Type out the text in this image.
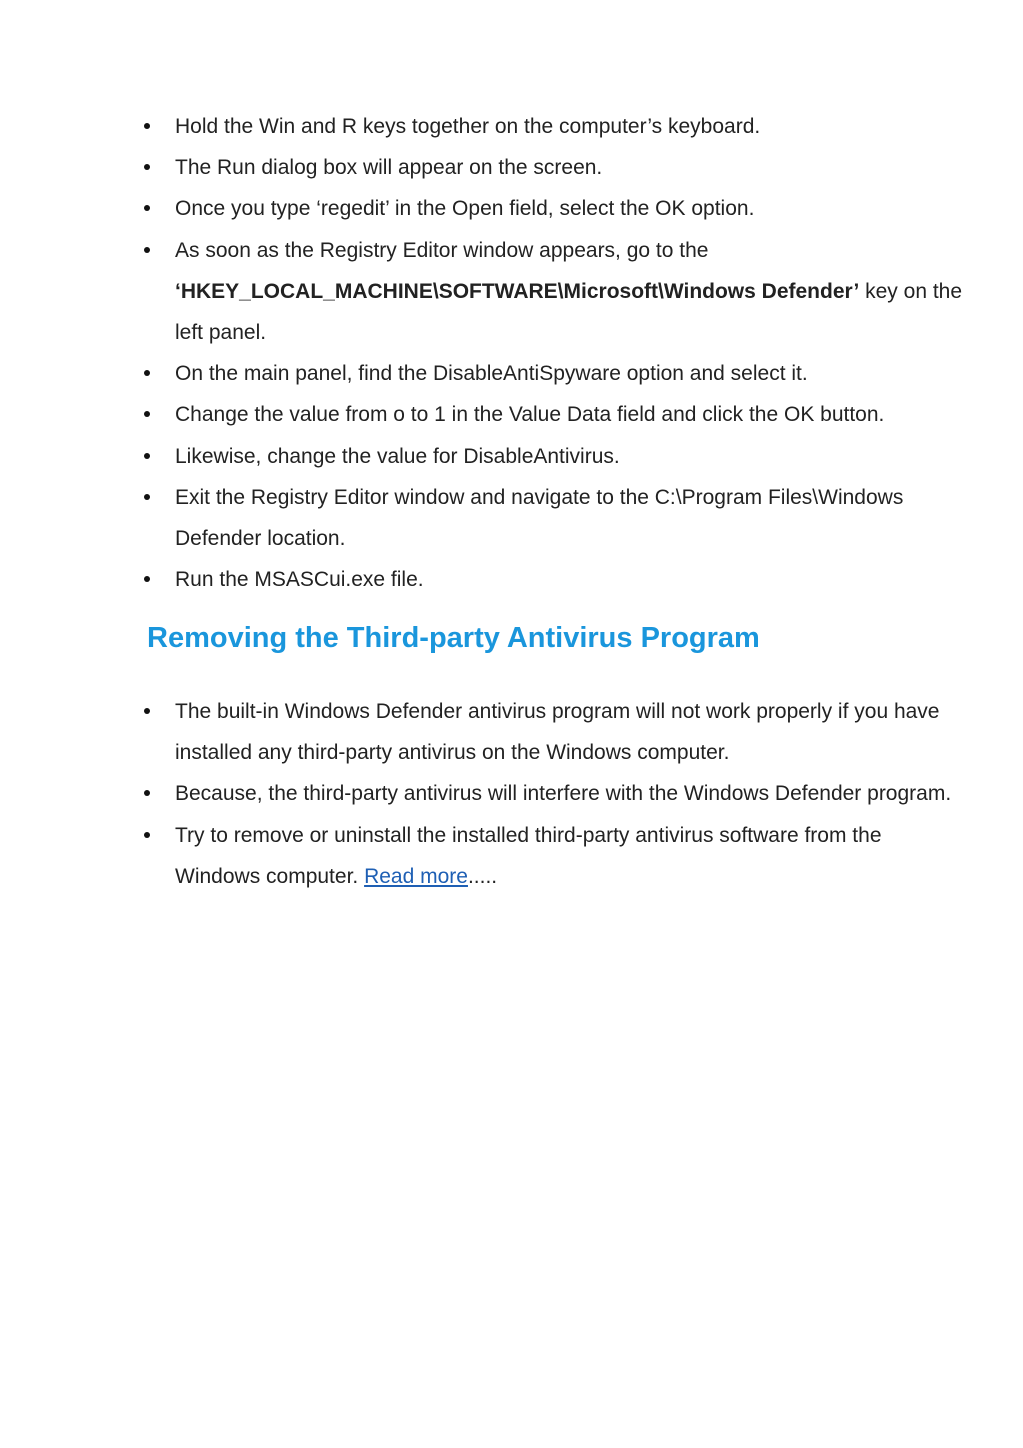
Hold the Win and R keys together on the computer’s keyboard.
The Run dialog box will appear on the screen.
Once you type ‘regedit’ in the Open field, select the OK option.
As soon as the Registry Editor window appears, go to the ‘HKEY_LOCAL_MACHINE\SOFTWARE\Microsoft\Windows Defender’ key on the left panel.
On the main panel, find the DisableAntiSpyware option and select it.
Change the value from o to 1 in the Value Data field and click the OK button.
Likewise, change the value for DisableAntivirus.
Exit the Registry Editor window and navigate to the C:\Program Files\Windows Defender location.
Run the MSASCui.exe file.
Removing the Third-party Antivirus Program
The built-in Windows Defender antivirus program will not work properly if you have installed any third-party antivirus on the Windows computer.
Because, the third-party antivirus will interfere with the Windows Defender program.
Try to remove or uninstall the installed third-party antivirus software from the Windows computer. Read more.....
